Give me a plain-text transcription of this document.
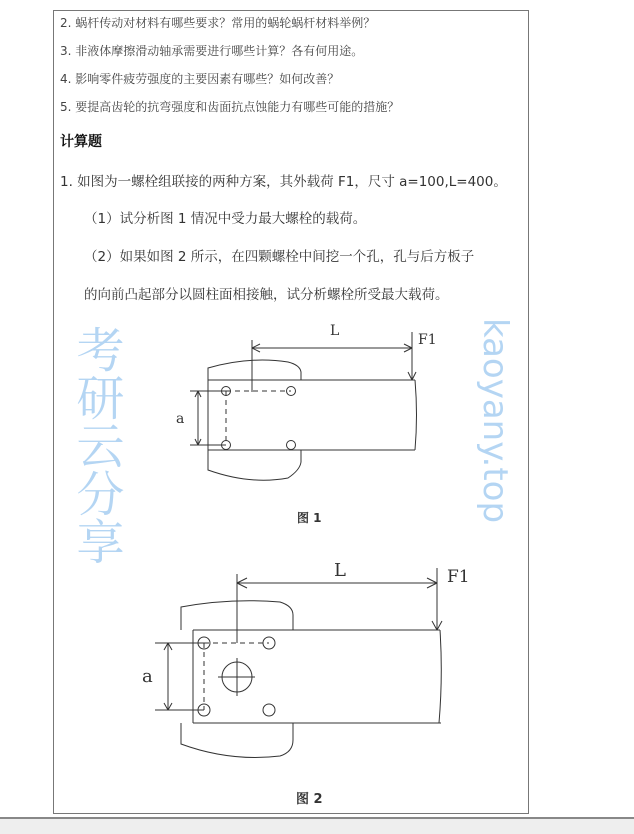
2. 蜗杆传动对材料有哪些要求？常用的蜗轮蜗杆材料举例？
3. 非液体摩擦滑动轴承需要进行哪些计算？各有何用途。
4. 影响零件疲劳强度的主要因素有哪些？如何改善？
5. 要提高齿轮的抗弯强度和齿面抗点蚀能力有哪些可能的措施？
计算题
1. 如图为一螺栓组联接的两种方案，其外载荷 F1，尺寸 a=100,L=400。
（1）试分析图 1 情况中受力最大螺栓的载荷。
（2）如果如图 2 所示，在四颗螺栓中间挖一个孔，孔与后方板子
的向前凸起部分以圆柱面相接触，试分析螺栓所受最大载荷。
L
F1
a
图 1
L	F1
a
图 2
考研云分享	kaoyany.top
